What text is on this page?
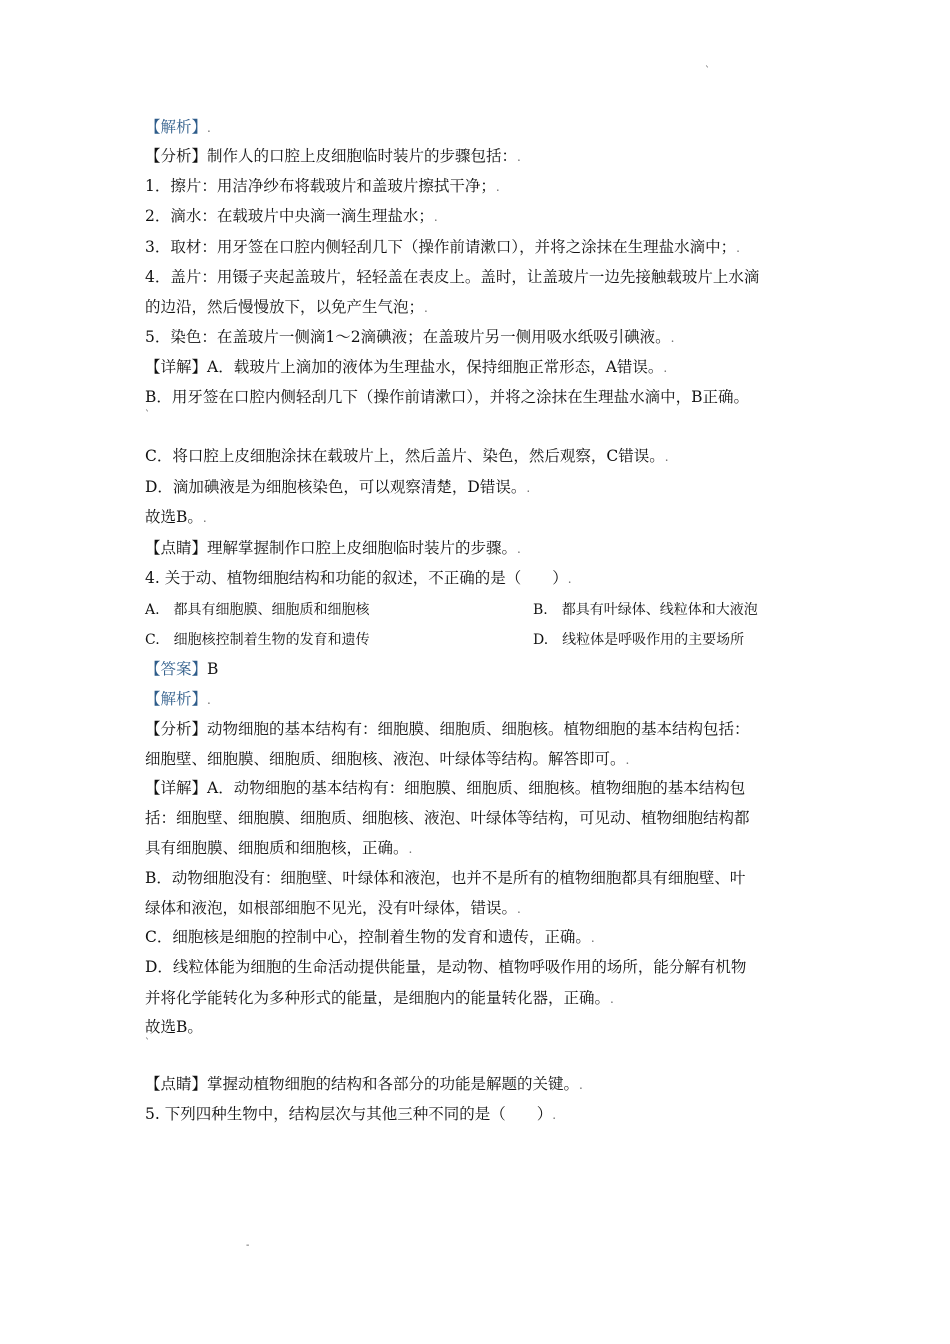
`
【解析】.
【分析】制作人的口腔上皮细胞临时装片的步骤包括：.
1．擦片：用洁净纱布将载玻片和盖玻片擦拭干净；.
2．滴水：在载玻片中央滴一滴生理盐水；.
3．取材：用牙签在口腔内侧轻刮几下（操作前请漱口），并将之涂抹在生理盐水滴中；.
4．盖片：用镊子夹起盖玻片，轻轻盖在表皮上。盖时，让盖玻片一边先接触载玻片上水滴
的边沿，然后慢慢放下，以免产生气泡；.
5．染色：在盖玻片一侧滴1～2滴碘液；在盖玻片另一侧用吸水纸吸引碘液。.
【详解】A．载玻片上滴加的液体为生理盐水，保持细胞正常形态，A错误。.
B．用牙签在口腔内侧轻刮几下（操作前请漱口），并将之涂抹在生理盐水滴中，B正确。
C．将口腔上皮细胞涂抹在载玻片上，然后盖片、染色，然后观察，C错误。.
D．滴加碘液是为细胞核染色，可以观察清楚，D错误。.
故选B。.
【点睛】理解掌握制作口腔上皮细胞临时装片的步骤。.
4. 关于动、植物细胞结构和功能的叙述，不正确的是（　　）.
`
A.　都具有细胞膜、细胞质和细胞核	B.　都具有叶绿体、线粒体和大液泡
C.　细胞核控制着生物的发育和遗传	D.　线粒体是呼吸作用的主要场所
【答案】B
【解析】.
【分析】动物细胞的基本结构有：细胞膜、细胞质、细胞核。植物细胞的基本结构包括：
细胞壁、细胞膜、细胞质、细胞核、液泡、叶绿体等结构。解答即可。.
【详解】A．动物细胞的基本结构有：细胞膜、细胞质、细胞核。植物细胞的基本结构包
括：细胞壁、细胞膜、细胞质、细胞核、液泡、叶绿体等结构，可见动、植物细胞结构都
具有细胞膜、细胞质和细胞核，正确。.
B．动物细胞没有：细胞壁、叶绿体和液泡，也并不是所有的植物细胞都具有细胞壁、叶
绿体和液泡，如根部细胞不见光，没有叶绿体，错误。.
C．细胞核是细胞的控制中心，控制着生物的发育和遗传，正确。.
D．线粒体能为细胞的生命活动提供能量，是动物、植物呼吸作用的场所，能分解有机物
并将化学能转化为多种形式的能量，是细胞内的能量转化器，正确。.
故选B。
【点睛】掌握动植物细胞的结构和各部分的功能是解题的关键。.
5. 下列四种生物中，结构层次与其他三种不同的是（　　）.
`
-
